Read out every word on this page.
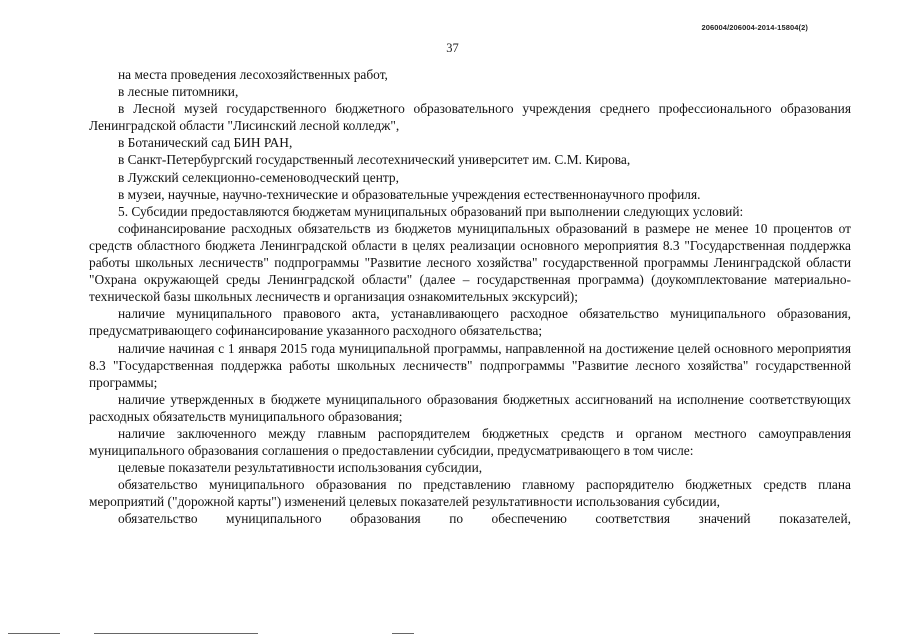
206004/206004-2014-15804(2)
37

на места проведения лесохозяйственных работ,

в лесные питомники,

в Лесной музей государственного бюджетного образовательного учреждения среднего профессионального образования Ленинградской области "Лисинский лесной колледж",

в Ботанический сад БИН РАН,

в Санкт-Петербургский государственный лесотехнический университет им. С.М. Кирова,

в Лужский селекционно-семеноводческий центр,

в музеи, научные, научно-технические и образовательные учреждения естественнонаучного профиля.

5. Субсидии предоставляются бюджетам муниципальных образований при выполнении следующих условий:

софинансирование расходных обязательств из бюджетов муниципальных образований в размере не менее 10 процентов от средств областного бюджета Ленинградской области в целях реализации основного мероприятия 8.3 "Государственная поддержка работы школьных лесничеств" подпрограммы "Развитие лесного хозяйства" государственной программы Ленинградской области "Охрана окружающей среды Ленинградской области" (далее – государственная программа) (доукомплектование материально-технической базы школьных лесничеств и организация ознакомительных экскурсий);

наличие муниципального правового акта, устанавливающего расходное обязательство муниципального образования, предусматривающего софинансирование указанного расходного обязательства;

наличие начиная с 1 января 2015 года муниципальной программы, направленной на достижение целей основного мероприятия 8.3 "Государственная поддержка работы школьных лесничеств" подпрограммы "Развитие лесного хозяйства" государственной программы;

наличие утвержденных в бюджете муниципального образования бюджетных ассигнований на исполнение соответствующих расходных обязательств муниципального образования;

наличие заключенного между главным распорядителем бюджетных средств и органом местного самоуправления муниципального образования соглашения о предоставлении субсидии, предусматривающего в том числе:

целевые показатели результативности использования субсидии,

обязательство муниципального образования по представлению главному распорядителю бюджетных средств плана мероприятий ("дорожной карты") изменений целевых показателей результативности использования субсидии,

обязательство муниципального образования по обеспечению соответствия значений показателей,
